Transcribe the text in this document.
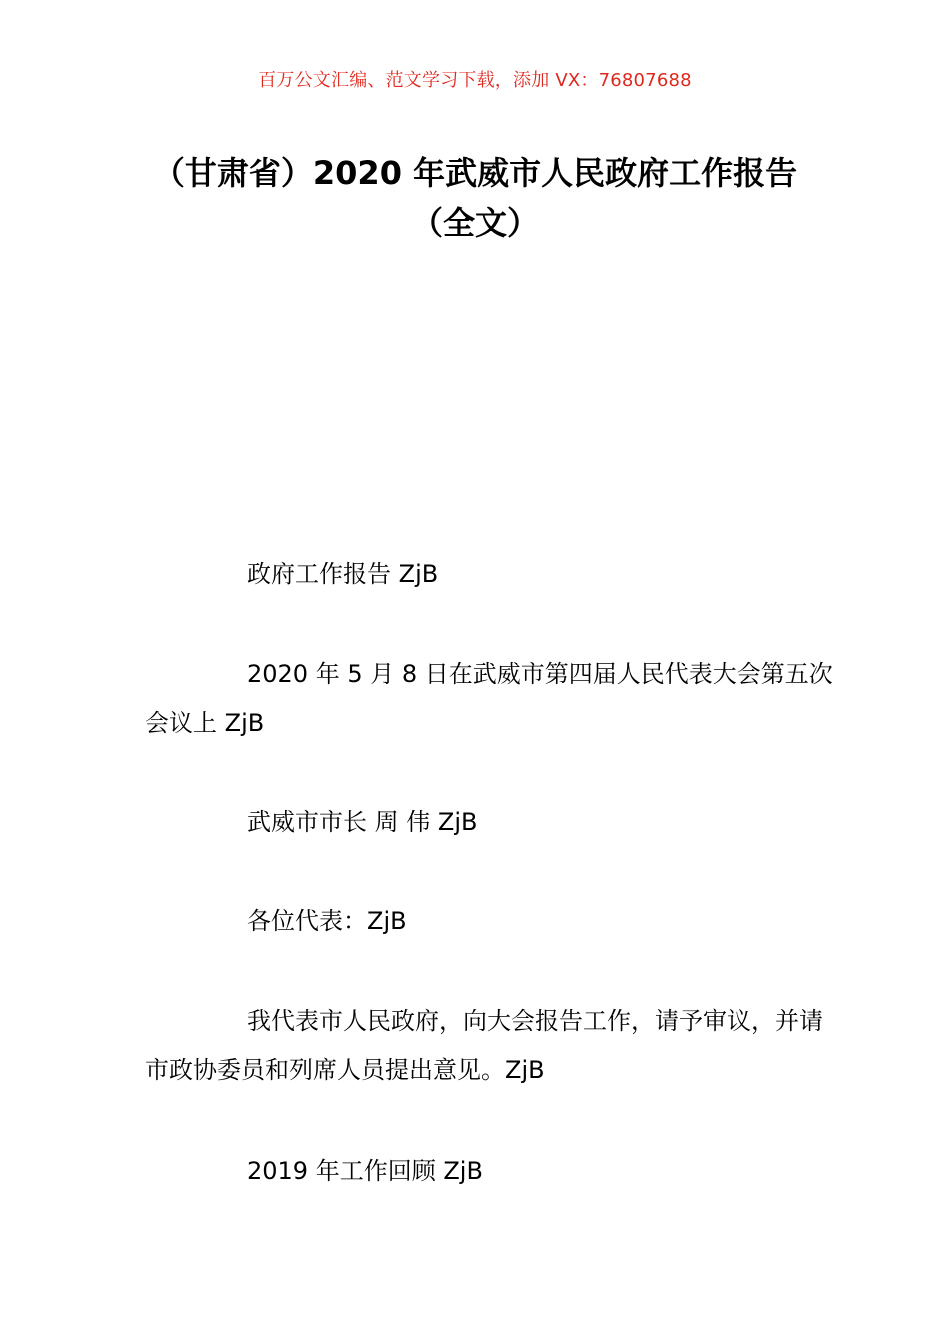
百万公文汇编、范文学习下载，添加 VX：76807688
（甘肃省）2020 年武威市人民政府工作报告（全文）

政府工作报告 ZjB

2020 年 5 月 8 日在武威市第四届人民代表大会第五次会议上 ZjB

武威市市长 周 伟 ZjB

各位代表：ZjB

我代表市人民政府，向大会报告工作，请予审议，并请市政协委员和列席人员提出意见。ZjB

2019 年工作回顾 ZjB
